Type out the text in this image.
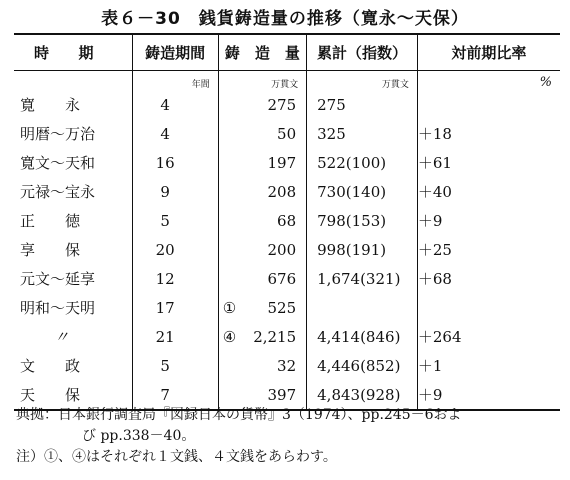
表６－30　銭貨鋳造量の推移（寛永～天保）
時 期	鋳造期間	鋳　造　量	累計（指数）	対前期比率
	年間	万貫文	万貫文	%
寛　　永	4	275	275	

明暦～万治	4	50	325	＋18

寛文～天和	16	197	522(100)	＋61

元禄～宝永	9	208	730(140)	＋40

正　　徳	5	68	798(153)	＋9

享　　保	20	200	998(191)	＋25

元文～延享	12	676	1,674(321)	＋68

明和～天明	17	① 525		

〃	21	④ 2,215	4,414(846)	＋264

文　　政	5	32	4,446(852)	＋1

天　　保	7	397	4,843(928)	＋9
典拠：日本銀行調査局『図録日本の貨幣』3（1974）、pp.245－6およ
び pp.338－40。
注）①、④はそれぞれ１文銭、４文銭をあらわす。
